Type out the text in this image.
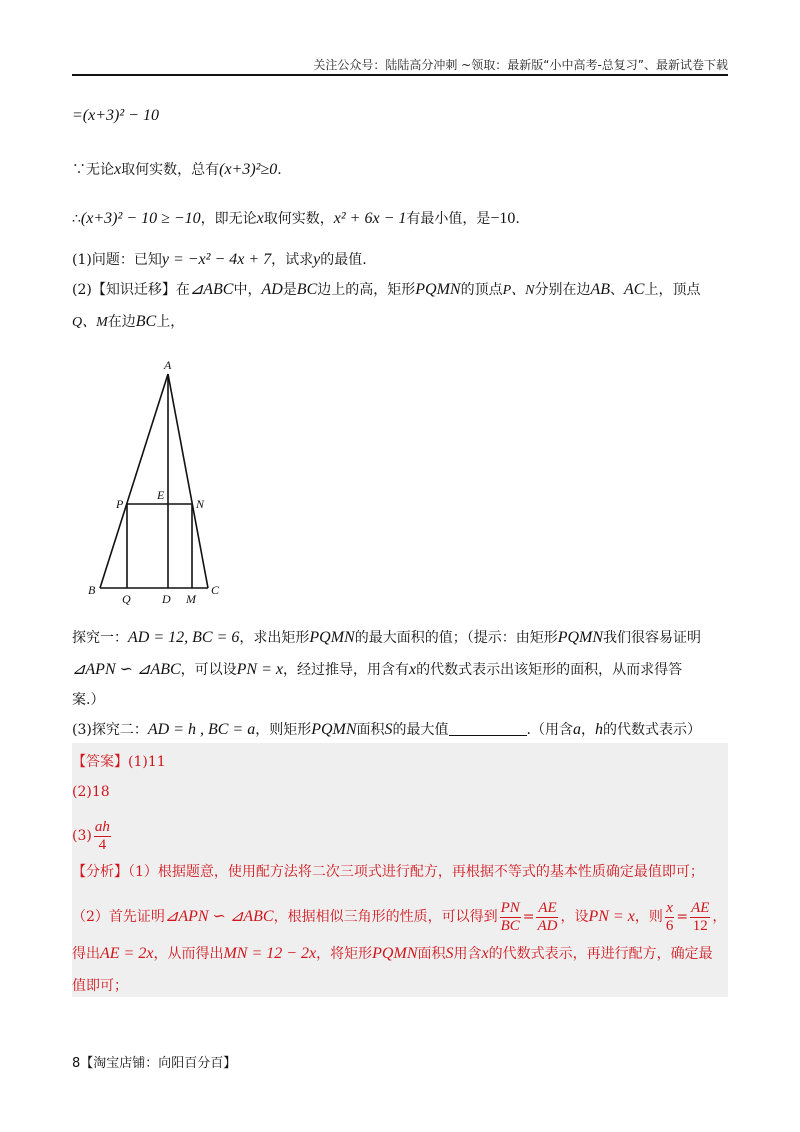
关注公众号：陆陆高分冲刺 ~领取：最新版“小中高考-总复习”、最新试卷下载
=(x+3)² − 10
∵无论x取何实数，总有(x+3)²≥0.
∴(x+3)² − 10 ≥ −10，即无论x取何实数，x² + 6x − 1有最小值，是−10.
(1)问题：已知y = −x² − 4x + 7，试求y的最值.
(2)【知识迁移】在⊿ABC中，AD是BC边上的高，矩形PQMN的顶点P、N分别在边AB、AC上，顶点
Q、M在边BC上，
A
B	C
D
E
P	N
Q	M
探究一：AD = 12, BC = 6，求出矩形PQMN的最大面积的值；（提示：由矩形PQMN我们很容易证明
⊿APN ∽ ⊿ABC，可以设PN = x，经过推导，用含有x的代数式表示出该矩形的面积，从而求得答
案.）
(3)探究二：AD = h , BC = a，则矩形PQMN面积S的最大值	.（用含a，h的代数式表示）
【答案】(1)11
(2)18
$(3) \frac{ah}{4}$
【分析】（1）根据题意，使用配方法将二次三项式进行配方，再根据不等式的基本性质确定最值即可；
（2）首先证明⊿APN ∽ ⊿ABC，根据相似三角形的性质，可以得到 $\frac{PN}{BC} = \frac{AE}{AD}$ ，设PN = x，则 $\frac{x}{6} = \frac{AE}{12}$ ，
得出AE = 2x，从而得出MN = 12 − 2x，将矩形PQMN面积S用含x的代数式表示，再进行配方，确定最
值即可；
8【淘宝店铺：向阳百分百】
